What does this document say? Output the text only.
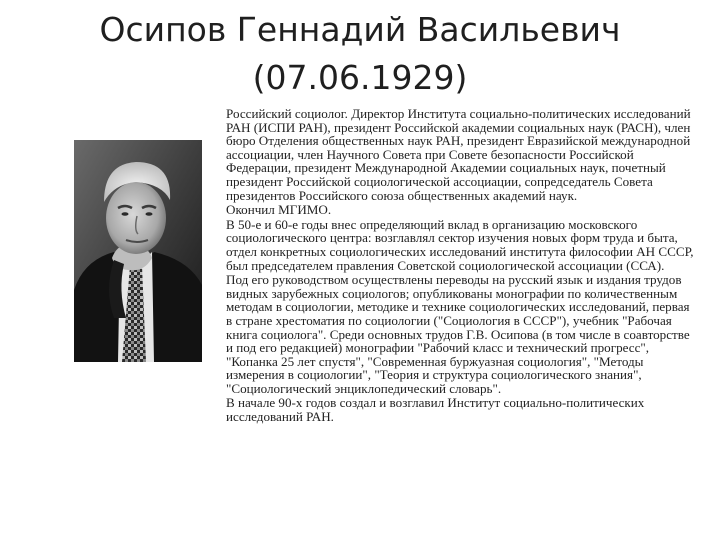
Осипов Геннадий Васильевич
(07.06.1929)

Российский социолог. Директор Института социально-политических исследований РАН (ИСПИ РАН), президент Российской академии социальных наук (РАСН), член бюро Отделения общественных наук РАН, президент Евразийской международной ассоциации, член Научного Совета при Совете безопасности Российской Федерации, президент Международной Академии социальных наук, почетный президент Российской социологической ассоциации, сопредседатель Совета президентов Российского союза общественных академий наук.

Окончил МГИМО.

В 50-е и 60-е годы внес определяющий вклад в организацию московского социологического центра: возглавлял сектор изучения новых форм труда и быта, отдел конкретных социологических исследований института философии АН СССР, был председателем правления Советской социологической ассоциации (ССА).

Под его руководством осуществлены переводы на русский язык и издания трудов видных зарубежных социологов; опубликованы монографии по количественным методам в социологии, методике и технике социологических исследований, первая в стране хрестоматия по социологии ("Социология в СССР"), учебник "Рабочая книга социолога". Среди основных трудов Г.В. Осипова (в том числе в соавторстве и под его редакцией) монографии "Рабочий класс и технический прогресс", "Копанка 25 лет спустя", "Современная буржуазная социология", "Методы измерения в социологии", "Теория и структура социологического знания", "Социологический энциклопедический словарь".

В начале 90-х годов создал и возглавил Институт социально-политических исследований РАН.
